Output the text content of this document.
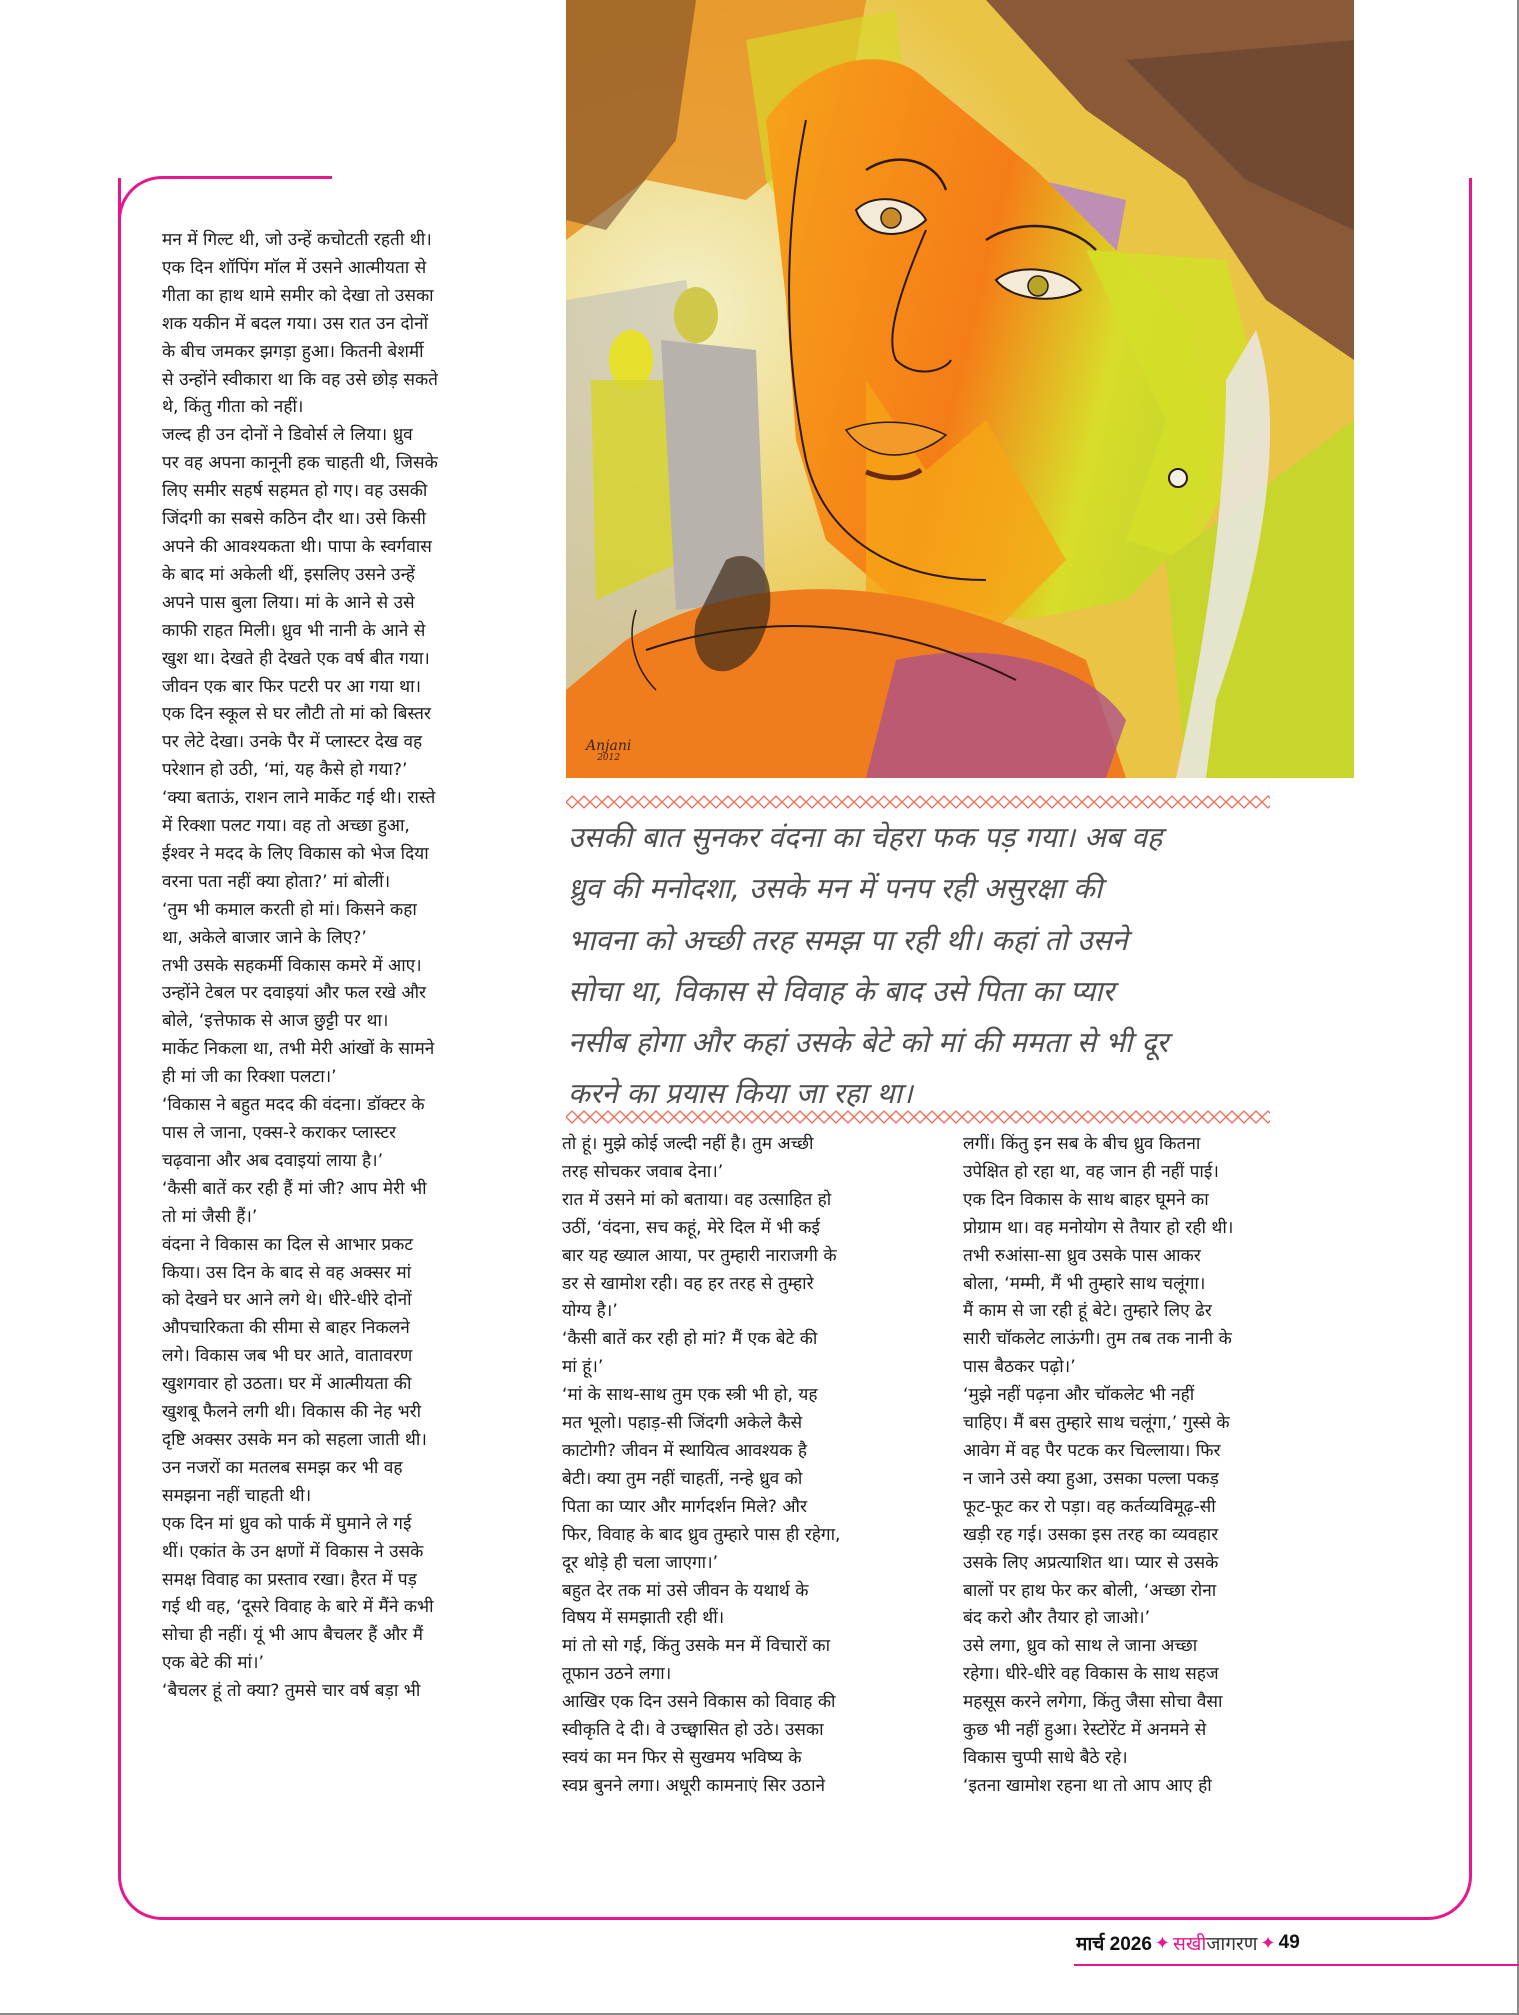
Anjani
2012
उसकी बात सुनकर वंदना का चेहरा फक पड़ गया। अब वह
ध्रुव की मनोदशा, उसके मन में पनप रही असुरक्षा की
भावना को अच्छी तरह समझ पा रही थी। कहां तो उसने
सोचा था, विकास से विवाह के बाद उसे पिता का प्यार
नसीब होगा और कहां उसके बेटे को मां की ममता से भी दूर
करने का प्रयास किया जा रहा था।
मन में गिल्ट थी, जो उन्हें कचोटती रहती थी।
एक दिन शॉपिंग मॉल में उसने आत्मीयता से
गीता का हाथ थामे समीर को देखा तो उसका
शक यकीन में बदल गया। उस रात उन दोनों
के बीच जमकर झगड़ा हुआ। कितनी बेशर्मी
से उन्होंने स्वीकारा था कि वह उसे छोड़ सकते
थे, किंतु गीता को नहीं।
जल्द ही उन दोनों ने डिवोर्स ले लिया। ध्रुव
पर वह अपना कानूनी हक चाहती थी, जिसके
लिए समीर सहर्ष सहमत हो गए। वह उसकी
जिंदगी का सबसे कठिन दौर था। उसे किसी
अपने की आवश्यकता थी। पापा के स्वर्गवास
के बाद मां अकेली थीं, इसलिए उसने उन्हें
अपने पास बुला लिया। मां के आने से उसे
काफी राहत मिली। ध्रुव भी नानी के आने से
खुश था। देखते ही देखते एक वर्ष बीत गया।
जीवन एक बार फिर पटरी पर आ गया था।
एक दिन स्कूल से घर लौटी तो मां को बिस्तर
पर लेटे देखा। उनके पैर में प्लास्टर देख वह
परेशान हो उठी, ‘मां, यह कैसे हो गया?’
‘क्या बताऊं, राशन लाने मार्केट गई थी। रास्ते
में रिक्शा पलट गया। वह तो अच्छा हुआ,
ईश्वर ने मदद के लिए विकास को भेज दिया
वरना पता नहीं क्या होता?’ मां बोलीं।
‘तुम भी कमाल करती हो मां। किसने कहा
था, अकेले बाजार जाने के लिए?’
तभी उसके सहकर्मी विकास कमरे में आए।
उन्होंने टेबल पर दवाइयां और फल रखे और
बोले, ‘इत्तेफाक से आज छुट्टी पर था।
मार्केट निकला था, तभी मेरी आंखों के सामने
ही मां जी का रिक्शा पलटा।’
‘विकास ने बहुत मदद की वंदना। डॉक्टर के
पास ले जाना, एक्स-रे कराकर प्लास्टर
चढ़वाना और अब दवाइयां लाया है।’
‘कैसी बातें कर रही हैं मां जी? आप मेरी भी
तो मां जैसी हैं।’
वंदना ने विकास का दिल से आभार प्रकट
किया। उस दिन के बाद से वह अक्सर मां
को देखने घर आने लगे थे। धीरे-धीरे दोनों
औपचारिकता की सीमा से बाहर निकलने
लगे। विकास जब भी घर आते, वातावरण
खुशगवार हो उठता। घर में आत्मीयता की
खुशबू फैलने लगी थी। विकास की नेह भरी
दृष्टि अक्सर उसके मन को सहला जाती थी।
उन नजरों का मतलब समझ कर भी वह
समझना नहीं चाहती थी।
एक दिन मां ध्रुव को पार्क में घुमाने ले गई
थीं। एकांत के उन क्षणों में विकास ने उसके
समक्ष विवाह का प्रस्ताव रखा। हैरत में पड़
गई थी वह, ‘दूसरे विवाह के बारे में मैंने कभी
सोचा ही नहीं। यूं भी आप बैचलर हैं और मैं
एक बेटे की मां।’
‘बैचलर हूं तो क्या? तुमसे चार वर्ष बड़ा भी
तो हूं। मुझे कोई जल्दी नहीं है। तुम अच्छी
तरह सोचकर जवाब देना।’
रात में उसने मां को बताया। वह उत्साहित हो
उठीं, ‘वंदना, सच कहूं, मेरे दिल में भी कई
बार यह ख्याल आया, पर तुम्हारी नाराजगी के
डर से खामोश रही। वह हर तरह से तुम्हारे
योग्य है।’
‘कैसी बातें कर रही हो मां? मैं एक बेटे की
मां हूं।’
‘मां के साथ-साथ तुम एक स्त्री भी हो, यह
मत भूलो। पहाड़-सी जिंदगी अकेले कैसे
काटोगी? जीवन में स्थायित्व आवश्यक है
बेटी। क्या तुम नहीं चाहतीं, नन्हे ध्रुव को
पिता का प्यार और मार्गदर्शन मिले? और
फिर, विवाह के बाद ध्रुव तुम्हारे पास ही रहेगा,
दूर थोड़े ही चला जाएगा।’
बहुत देर तक मां उसे जीवन के यथार्थ के
विषय में समझाती रही थीं।
मां तो सो गई, किंतु उसके मन में विचारों का
तूफान उठने लगा।
आखिर एक दिन उसने विकास को विवाह की
स्वीकृति दे दी। वे उच्छ्वासित हो उठे। उसका
स्वयं का मन फिर से सुखमय भविष्य के
स्वप्न बुनने लगा। अधूरी कामनाएं सिर उठाने
लगीं। किंतु इन सब के बीच ध्रुव कितना
उपेक्षित हो रहा था, वह जान ही नहीं पाई।
एक दिन विकास के साथ बाहर घूमने का
प्रोग्राम था। वह मनोयोग से तैयार हो रही थी।
तभी रुआंसा-सा ध्रुव उसके पास आकर
बोला, ‘मम्मी, मैं भी तुम्हारे साथ चलूंगा।
मैं काम से जा रही हूं बेटे। तुम्हारे लिए ढेर
सारी चॉकलेट लाऊंगी। तुम तब तक नानी के
पास बैठकर पढ़ो।’
‘मुझे नहीं पढ़ना और चॉकलेट भी नहीं
चाहिए। मैं बस तुम्हारे साथ चलूंगा,’ गुस्से के
आवेग में वह पैर पटक कर चिल्लाया। फिर
न जाने उसे क्या हुआ, उसका पल्ला पकड़
फूट-फूट कर रो पड़ा। वह कर्तव्यविमूढ़-सी
खड़ी रह गई। उसका इस तरह का व्यवहार
उसके लिए अप्रत्याशित था। प्यार से उसके
बालों पर हाथ फेर कर बोली, ‘अच्छा रोना
बंद करो और तैयार हो जाओ।’
उसे लगा, ध्रुव को साथ ले जाना अच्छा
रहेगा। धीरे-धीरे वह विकास के साथ सहज
महसूस करने लगेगा, किंतु जैसा सोचा वैसा
कुछ भी नहीं हुआ। रेस्टोरेंट में अनमने से
विकास चुप्पी साधे बैठे रहे।
‘इतना खामोश रहना था तो आप आए ही
मार्च 2026 ✦ सखी जागरण ✦ 49
